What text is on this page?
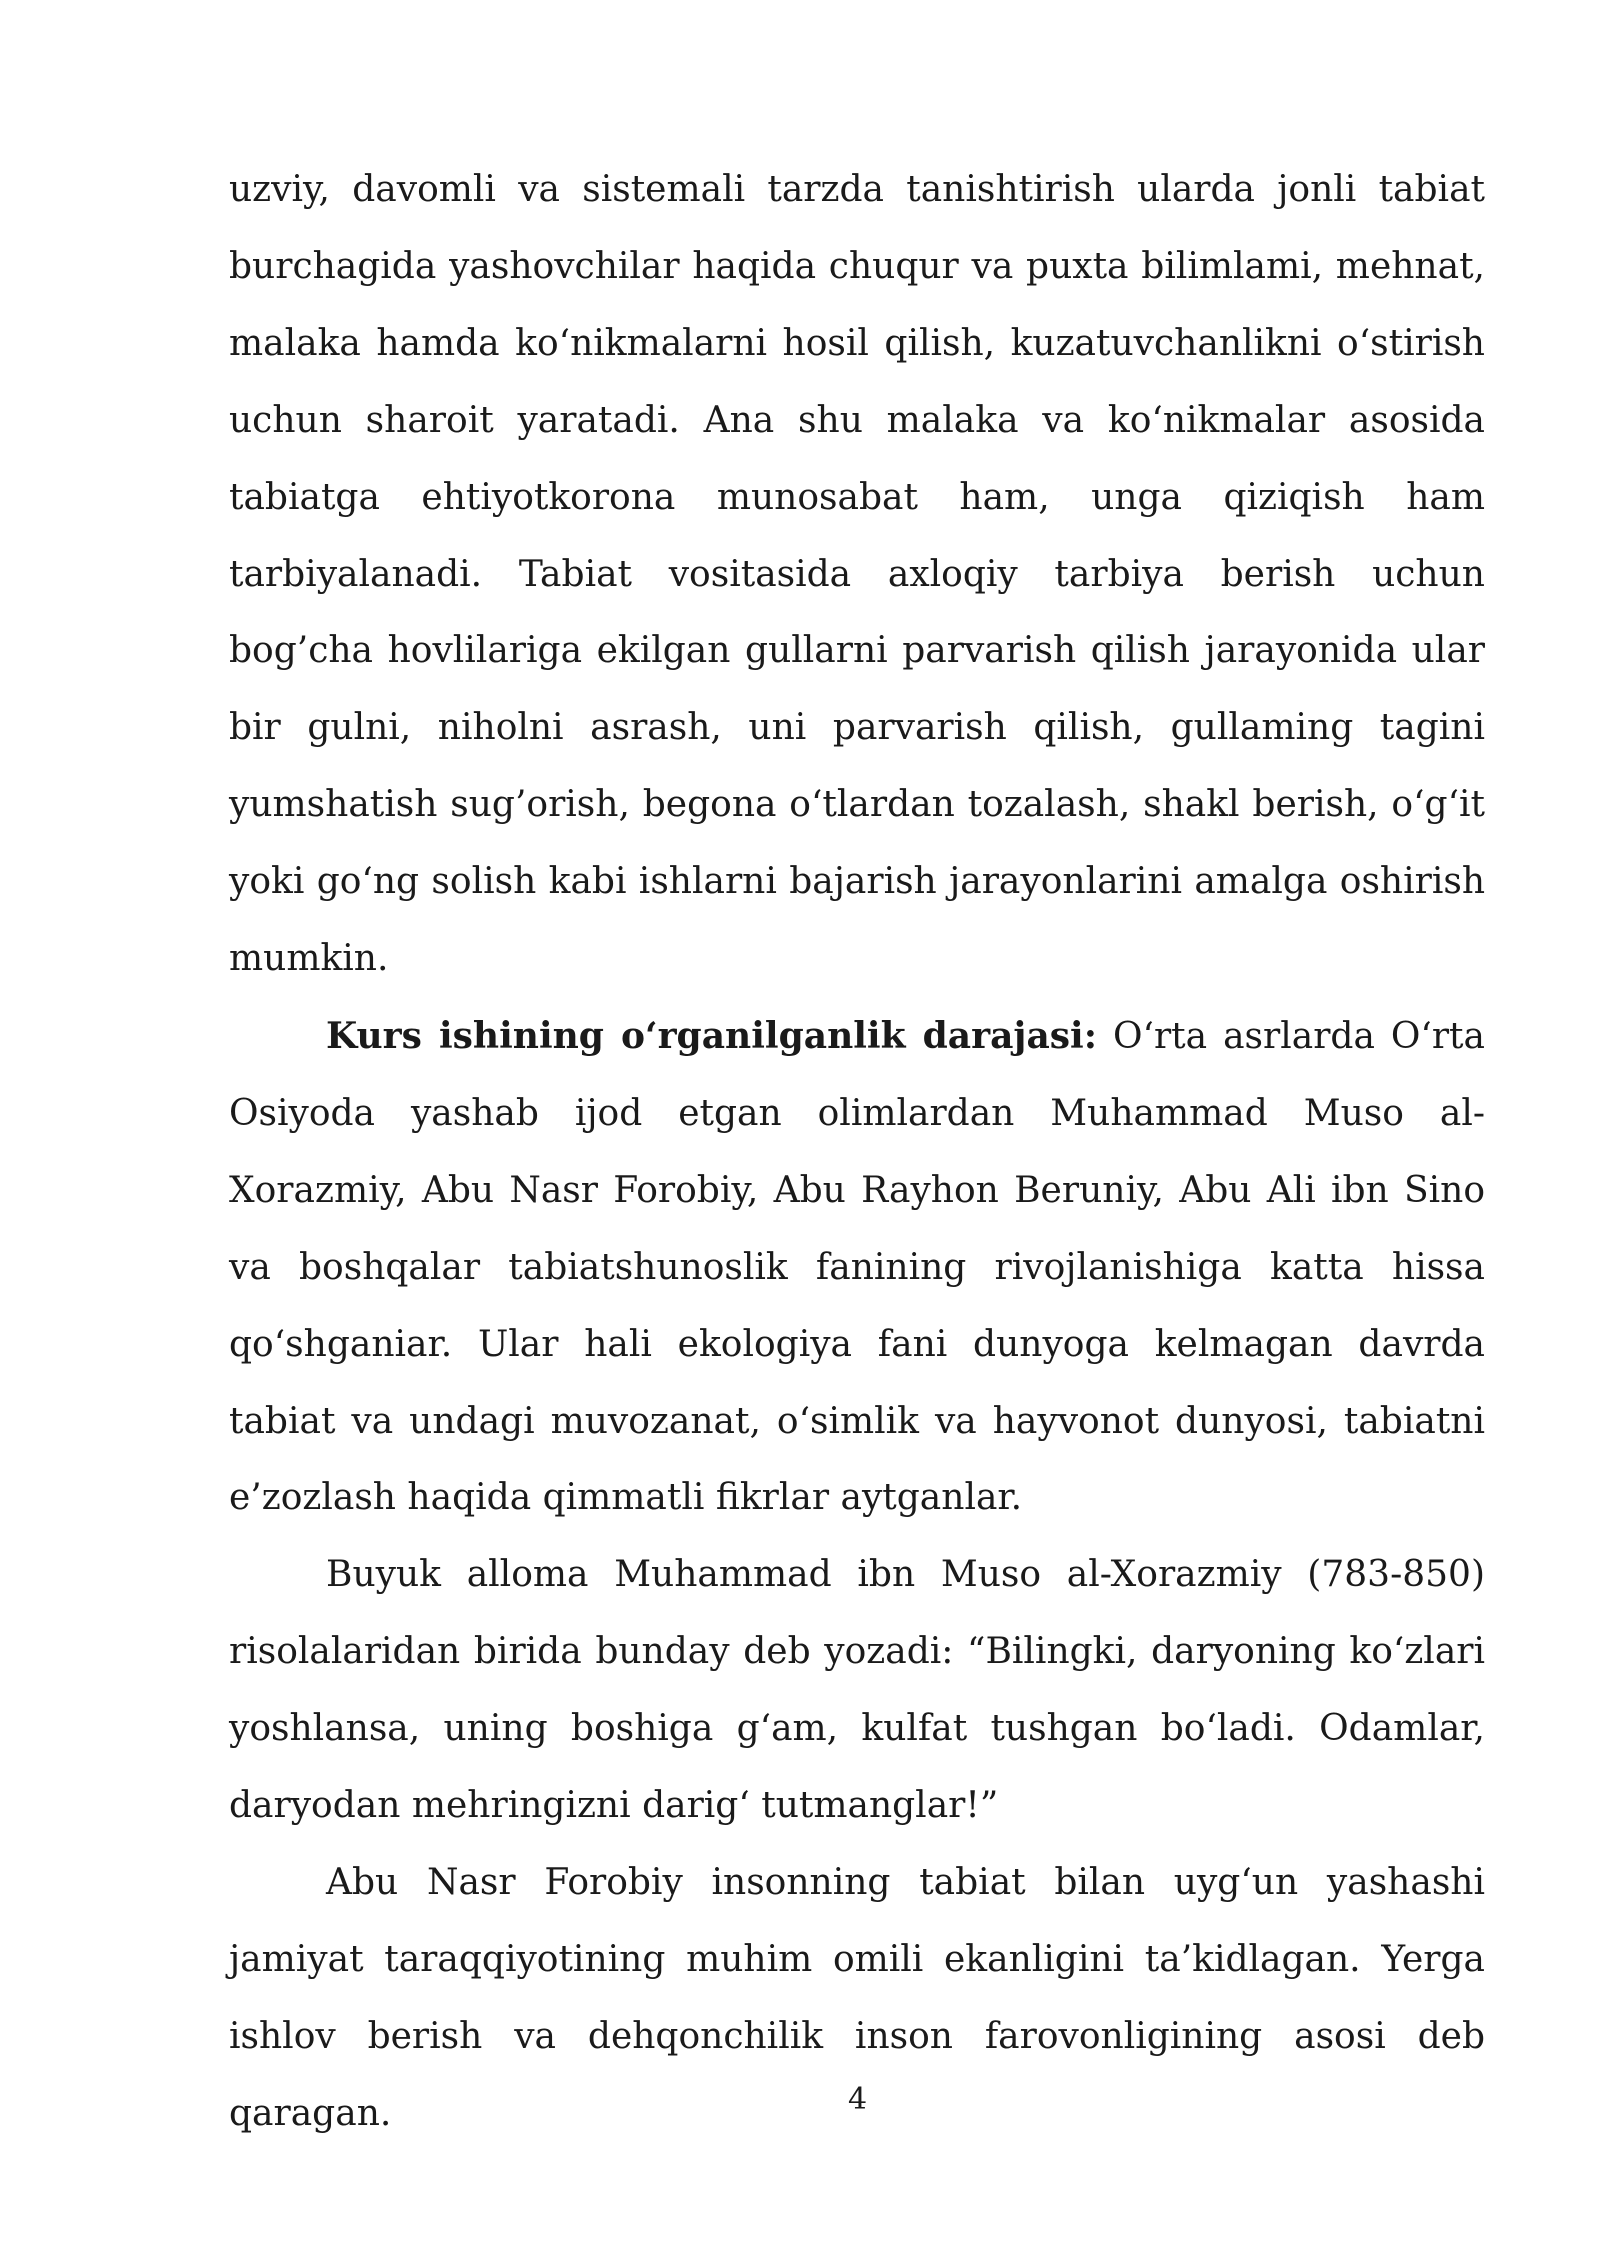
uzviy, davomli va sistemali tarzda tanishtirish ularda jonli tabiat burchagida yashovchilar haqida chuqur va puxta bilimlami, mehnat, malaka hamda koʻnikmalarni hosil qilish, kuzatuvchanlikni oʻstirish uchun sharoit yaratadi. Ana shu malaka va koʻnikmalar asosida tabiatga ehtiyotkorona munosabat ham, unga qiziqish ham tarbiyalanadi. Tabiat vositasida axloqiy tarbiya berish uchun bog’cha hovlilariga ekilgan gullarni parvarish qilish jarayonida ular bir gulni, niholni asrash, uni parvarish qilish, gullaming tagini yumshatish sug’orish, begona oʻtlardan tozalash, shakl berish, oʻgʻit yoki goʻng solish kabi ishlarni bajarish jarayonlarini amalga oshirish mumkin.

Kurs ishining oʻrganilganlik darajasi: Oʻrta asrlarda Oʻrta Osiyoda yashab ijod etgan olimlardan Muhammad Muso al-Xorazmiy, Abu Nasr Forobiy, Abu Rayhon Beruniy, Abu Ali ibn Sino va boshqalar tabiatshunoslik fanining rivojlanishiga katta hissa qoʻshganiar. Ular hali ekologiya fani dunyoga kelmagan davrda tabiat va undagi muvozanat, oʻsimlik va hayvonot dunyosi, tabiatni e’zozlash haqida qimmatli fikrlar aytganlar.

Buyuk alloma Muhammad ibn Muso al-Xorazmiy (783-850) risolalaridan birida bunday deb yozadi: “Bilingki, daryoning koʻzlari yoshlansa, uning boshiga gʻam, kulfat tushgan boʻladi. Odamlar, daryodan mehringizni darigʻ tutmanglar!”

Abu Nasr Forobiy insonning tabiat bilan uygʻun yashashi jamiyat taraqqiyotining muhim omili ekanligini ta’kidlagan. Yerga ishlov berish va dehqonchilik inson farovonligining asosi deb qaragan.	4
